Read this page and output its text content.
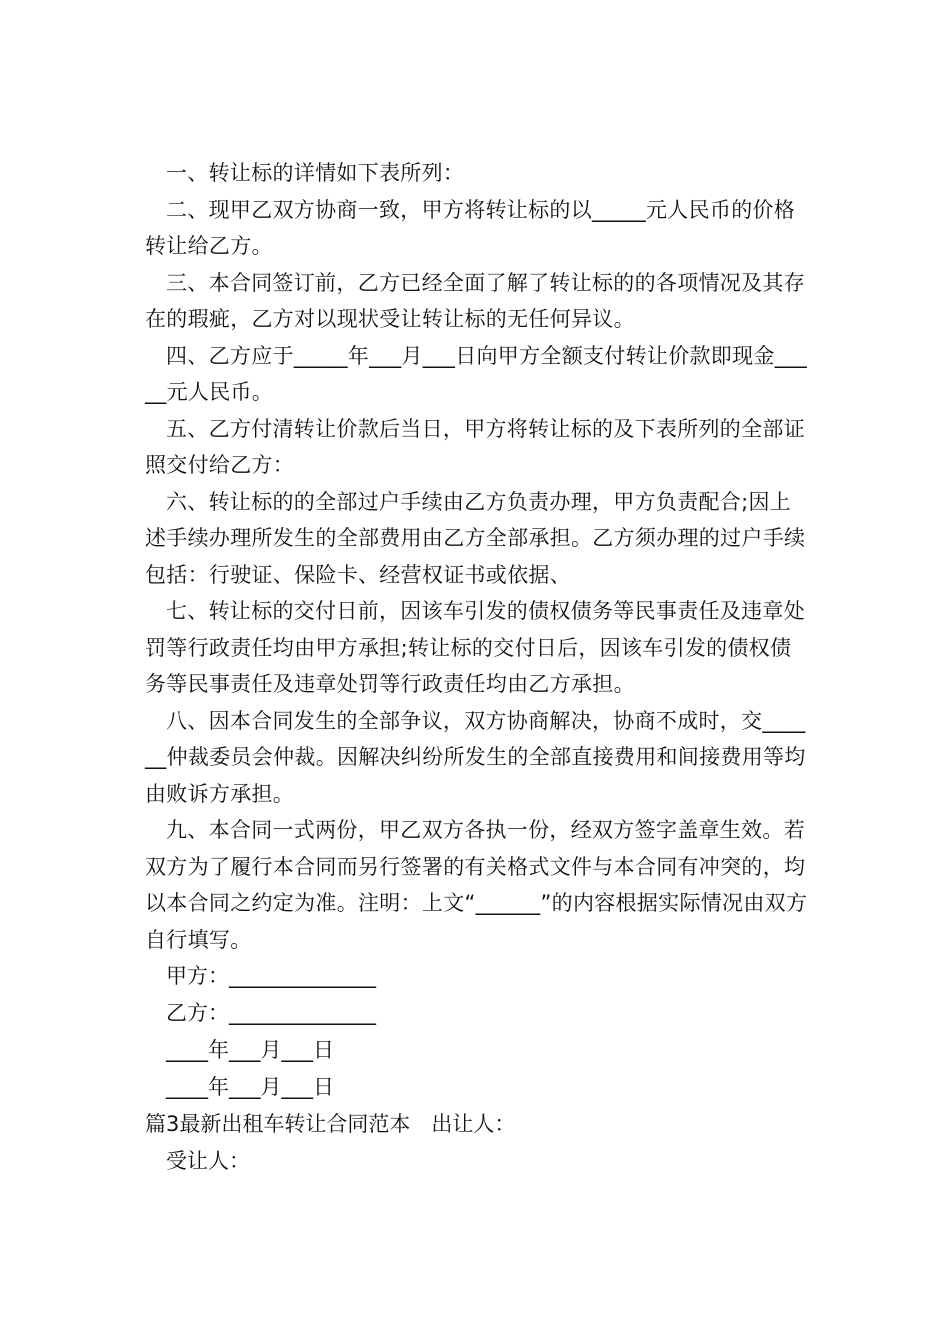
一、转让标的详情如下表所列：

二、现甲乙双方协商一致，甲方将转让标的以_____元人民币的价格转让给乙方。

三、本合同签订前，乙方已经全面了解了转让标的的各项情况及其存在的瑕疵，乙方对以现状受让转让标的无任何异议。

四、乙方应于_____年___月___日向甲方全额支付转让价款即现金_____元人民币。

五、乙方付清转让价款后当日，甲方将转让标的及下表所列的全部证照交付给乙方：

六、转让标的的全部过户手续由乙方负责办理，甲方负责配合;因上述手续办理所发生的全部费用由乙方全部承担。乙方须办理的过户手续包括：行驶证、保险卡、经营权证书或依据、

七、转让标的交付日前，因该车引发的债权债务等民事责任及违章处罚等行政责任均由甲方承担;转让标的交付日后，因该车引发的债权债务等民事责任及违章处罚等行政责任均由乙方承担。

八、因本合同发生的全部争议，双方协商解决，协商不成时，交______仲裁委员会仲裁。因解决纠纷所发生的全部直接费用和间接费用等均由败诉方承担。

九、本合同一式两份，甲乙双方各执一份，经双方签字盖章生效。若双方为了履行本合同而另行签署的有关格式文件与本合同有冲突的，均以本合同之约定为准。注明：上文“______”的内容根据实际情况由双方自行填写。

甲方：______________

乙方：______________

____年___月___日

____年___月___日

篇3最新出租车转让合同范本　出让人：

受让人：
